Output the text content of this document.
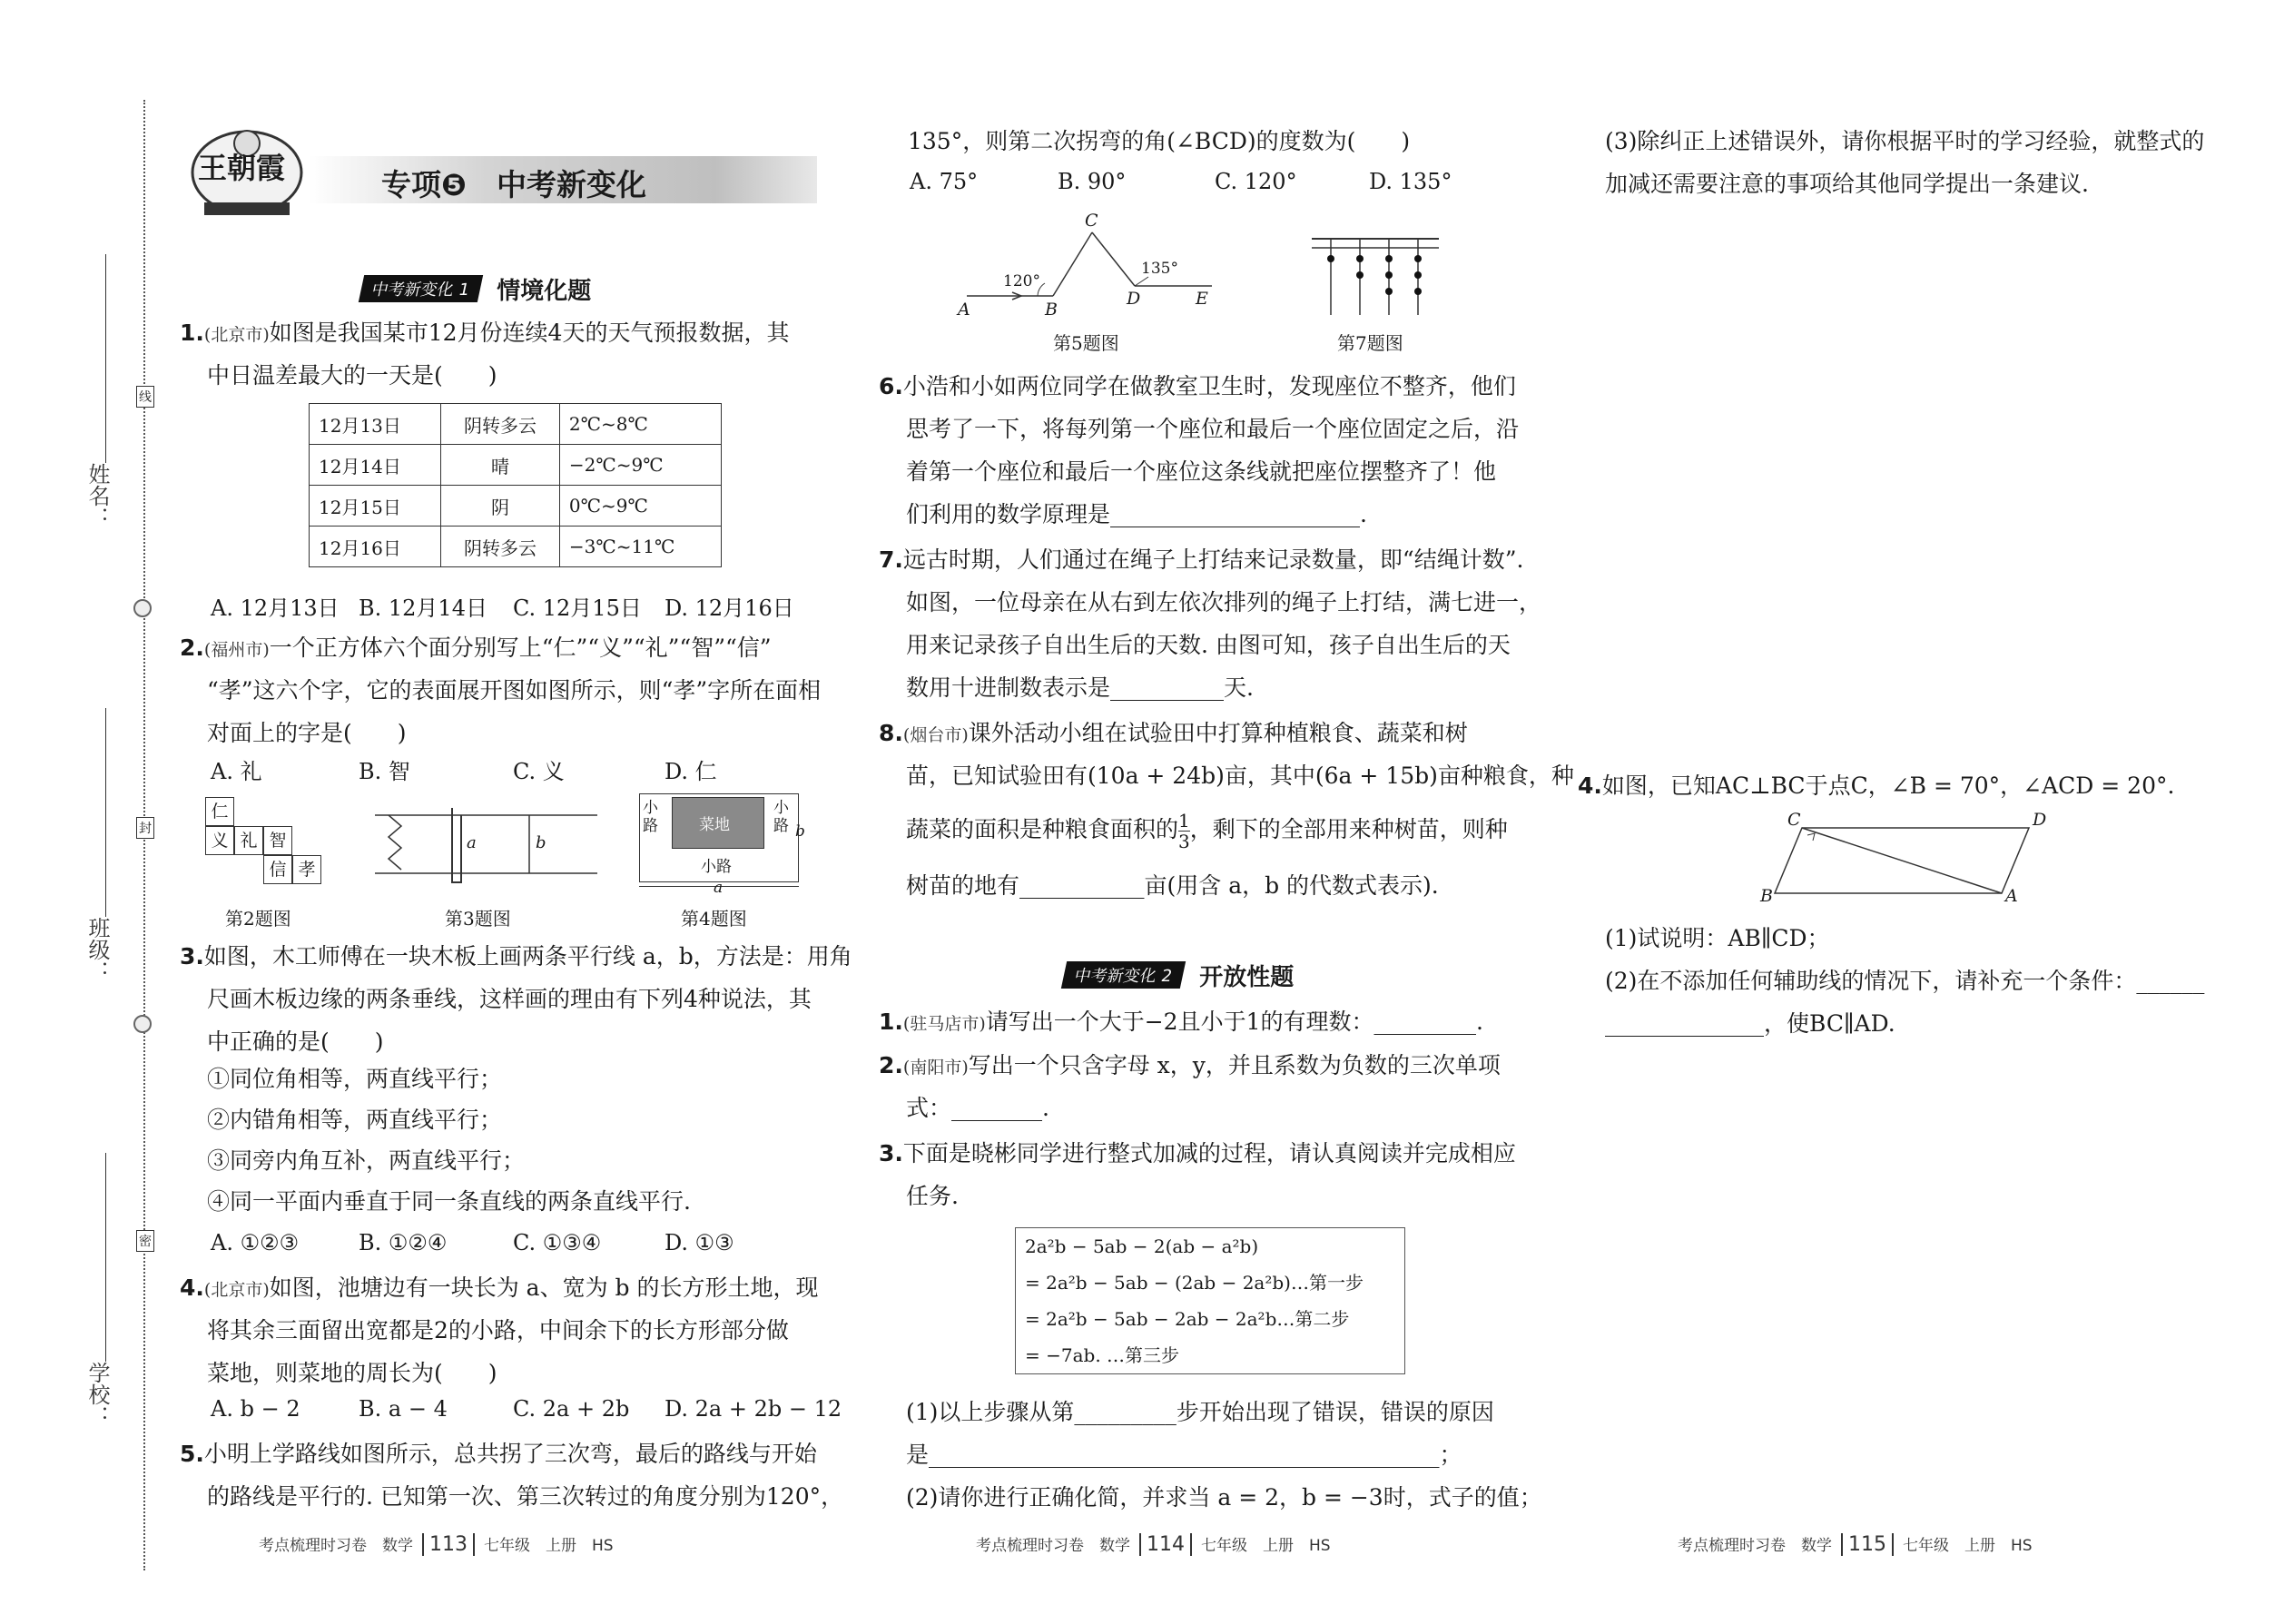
姓名：
班级：
学校：
线
封
密
王朝霞	专项❺　中考新变化
中考新变化 1	情境化题
1.(北京市)如图是我国某市12月份连续4天的天气预报数据，其
中日温差最大的一天是(　　)
12月13日	阴转多云	2℃~8℃
12月14日	晴	−2℃~9℃
12月15日	阴	0℃~9℃
12月16日	阴转多云	−3℃~11℃
A. 12月13日 B. 12月14日 C. 12月15日 D. 12月16日
2.(福州市)一个正方体六个面分别写上“仁”“义”“礼”“智”“信”
“孝”这六个字，它的表面展开图如图所示，则“孝”字所在面相
对面上的字是(　　)
A. 礼	B. 智	C. 义	D. 仁
仁
义 礼 智
信 孝
第2题图
a	b
第3题图
菜地
小路
小路
小路
b
a
第4题图
3.如图，木工师傅在一块木板上画两条平行线 a，b，方法是：用角
尺画木板边缘的两条垂线，这样画的理由有下列4种说法，其
中正确的是(　　)
①同位角相等，两直线平行；
②内错角相等，两直线平行；
③同旁内角互补，两直线平行；
④同一平面内垂直于同一条直线的两条直线平行.
A. ①②③	B. ①②④	C. ①③④	D. ①③
4.(北京市)如图，池塘边有一块长为 a、宽为 b 的长方形土地，现
将其余三面留出宽都是2的小路，中间余下的长方形部分做
菜地，则菜地的周长为(　　)
A. b − 2	B. a − 4	C. 2a + 2b D. 2a + 2b − 12
5.小明上学路线如图所示，总共拐了三次弯，最后的路线与开始
的路线是平行的. 已知第一次、第三次转过的角度分别为120°，
考点梳理时习卷　数学 113 七年级　上册　HS
135°，则第二次拐弯的角(∠BCD)的度数为(　　)
A. 75°	B. 90°	C. 120°	D. 135°
A	B
C
D	E
120°
135°
第5题图	第7题图
6.小浩和小如两位同学在做教室卫生时，发现座位不整齐，他们
思考了一下，将每列第一个座位和最后一个座位固定之后，沿
着第一个座位和最后一个座位这条线就把座位摆整齐了！他
们利用的数学原理是______________________.
7.远古时期，人们通过在绳子上打结来记录数量，即“结绳计数”.
如图，一位母亲在从右到左依次排列的绳子上打结，满七进一，
用来记录孩子自出生后的天数. 由图可知，孩子自出生后的天
数用十进制数表示是__________天.
8.(烟台市)课外活动小组在试验田中打算种植粮食、蔬菜和树
苗，已知试验田有(10a + 24b)亩，其中(6a + 15b)亩种粮食，种
蔬菜的面积是种粮食面积的 $\frac{1}{3}$ ，剩下的全部用来种树苗，则种
树苗的地有___________亩(用含 a，b 的代数式表示).
中考新变化 2	开放性题
1.(驻马店市)请写出一个大于−2且小于1的有理数：_________.
2.(南阳市)写出一个只含字母 x，y，并且系数为负数的三次单项
式：________.
3.下面是晓彬同学进行整式加减的过程，请认真阅读并完成相应
任务.
2a²b − 5ab − 2(ab − a²b)
= 2a²b − 5ab − (2ab − 2a²b)…第一步
= 2a²b − 5ab − 2ab − 2a²b…第二步
= −7ab. …第三步
(1)以上步骤从第_________步开始出现了错误，错误的原因
是_____________________________________________；
(2)请你进行正确化简，并求当 a = 2，b = −3时，式子的值；
考点梳理时习卷　数学 114 七年级　上册　HS
(3)除纠正上述错误外，请你根据平时的学习经验，就整式的
加减还需要注意的事项给其他同学提出一条建议.
4.如图，已知AC⊥BC于点C，∠B = 70°，∠ACD = 20°.
C	D
B	A
(1)试说明：AB∥CD；
(2)在不添加任何辅助线的情况下，请补充一个条件：______
______________，使BC∥AD.
考点梳理时习卷　数学 115 七年级　上册　HS
